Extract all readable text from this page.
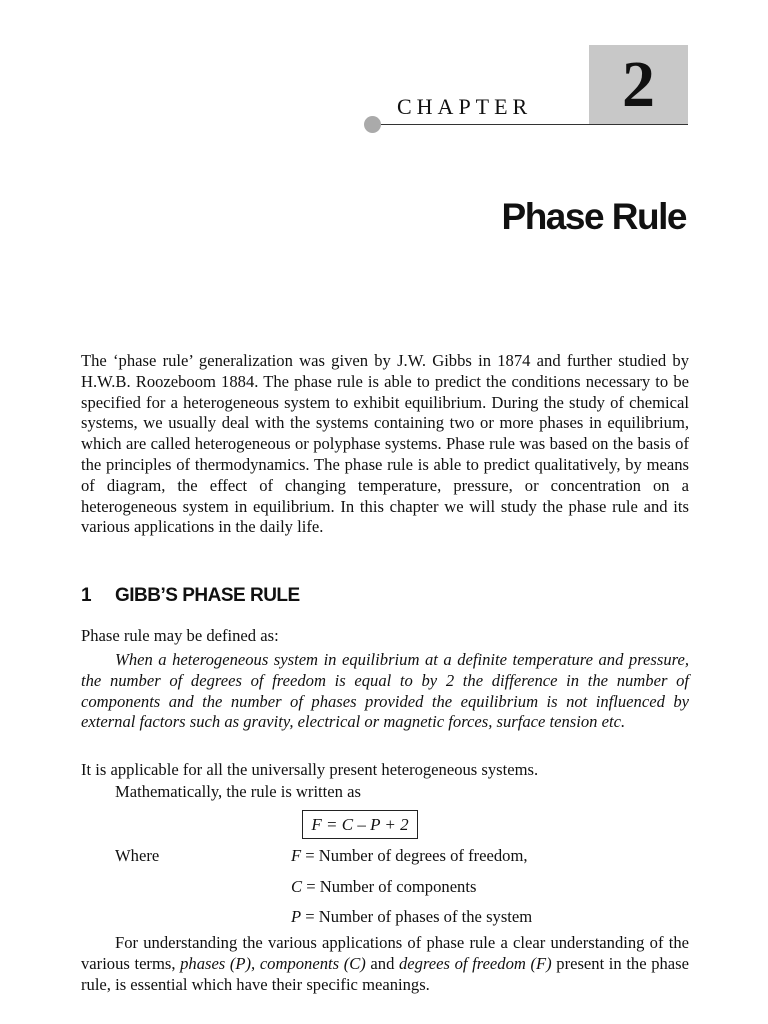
2
CHAPTER
Phase Rule

The ‘phase rule’ generalization was given by J.W. Gibbs in 1874 and further studied by H.W.B. Roozeboom 1884. The phase rule is able to predict the conditions necessary to be specified for a heterogeneous system to exhibit equilibrium. During the study of chemical systems, we usually deal with the systems containing two or more phases in equilibrium, which are called heterogeneous or polyphase systems. Phase rule was based on the basis of the principles of thermodynamics. The phase rule is able to predict qualitatively, by means of diagram, the effect of changing temperature, pressure, or concentration on a heterogeneous system in equilibrium. In this chapter we will study the phase rule and its various applications in the daily life.

1 GIBB’S PHASE RULE

Phase rule may be defined as:

When a heterogeneous system in equilibrium at a definite temperature and pressure, the number of degrees of freedom is equal to by 2 the difference in the number of components and the number of phases provided the equilibrium is not influenced by external factors such as gravity, electrical or magnetic forces, surface tension etc.

It is applicable for all the universally present heterogeneous systems.

Mathematically, the rule is written as

F = C – P + 2
Where	F = Number of degrees of freedom,
C = Number of components
P = Number of phases of the system

For understanding the various applications of phase rule a clear understanding of the various terms, phases (P), components (C) and degrees of freedom (F) present in the phase rule, is essential which have their specific meanings.
